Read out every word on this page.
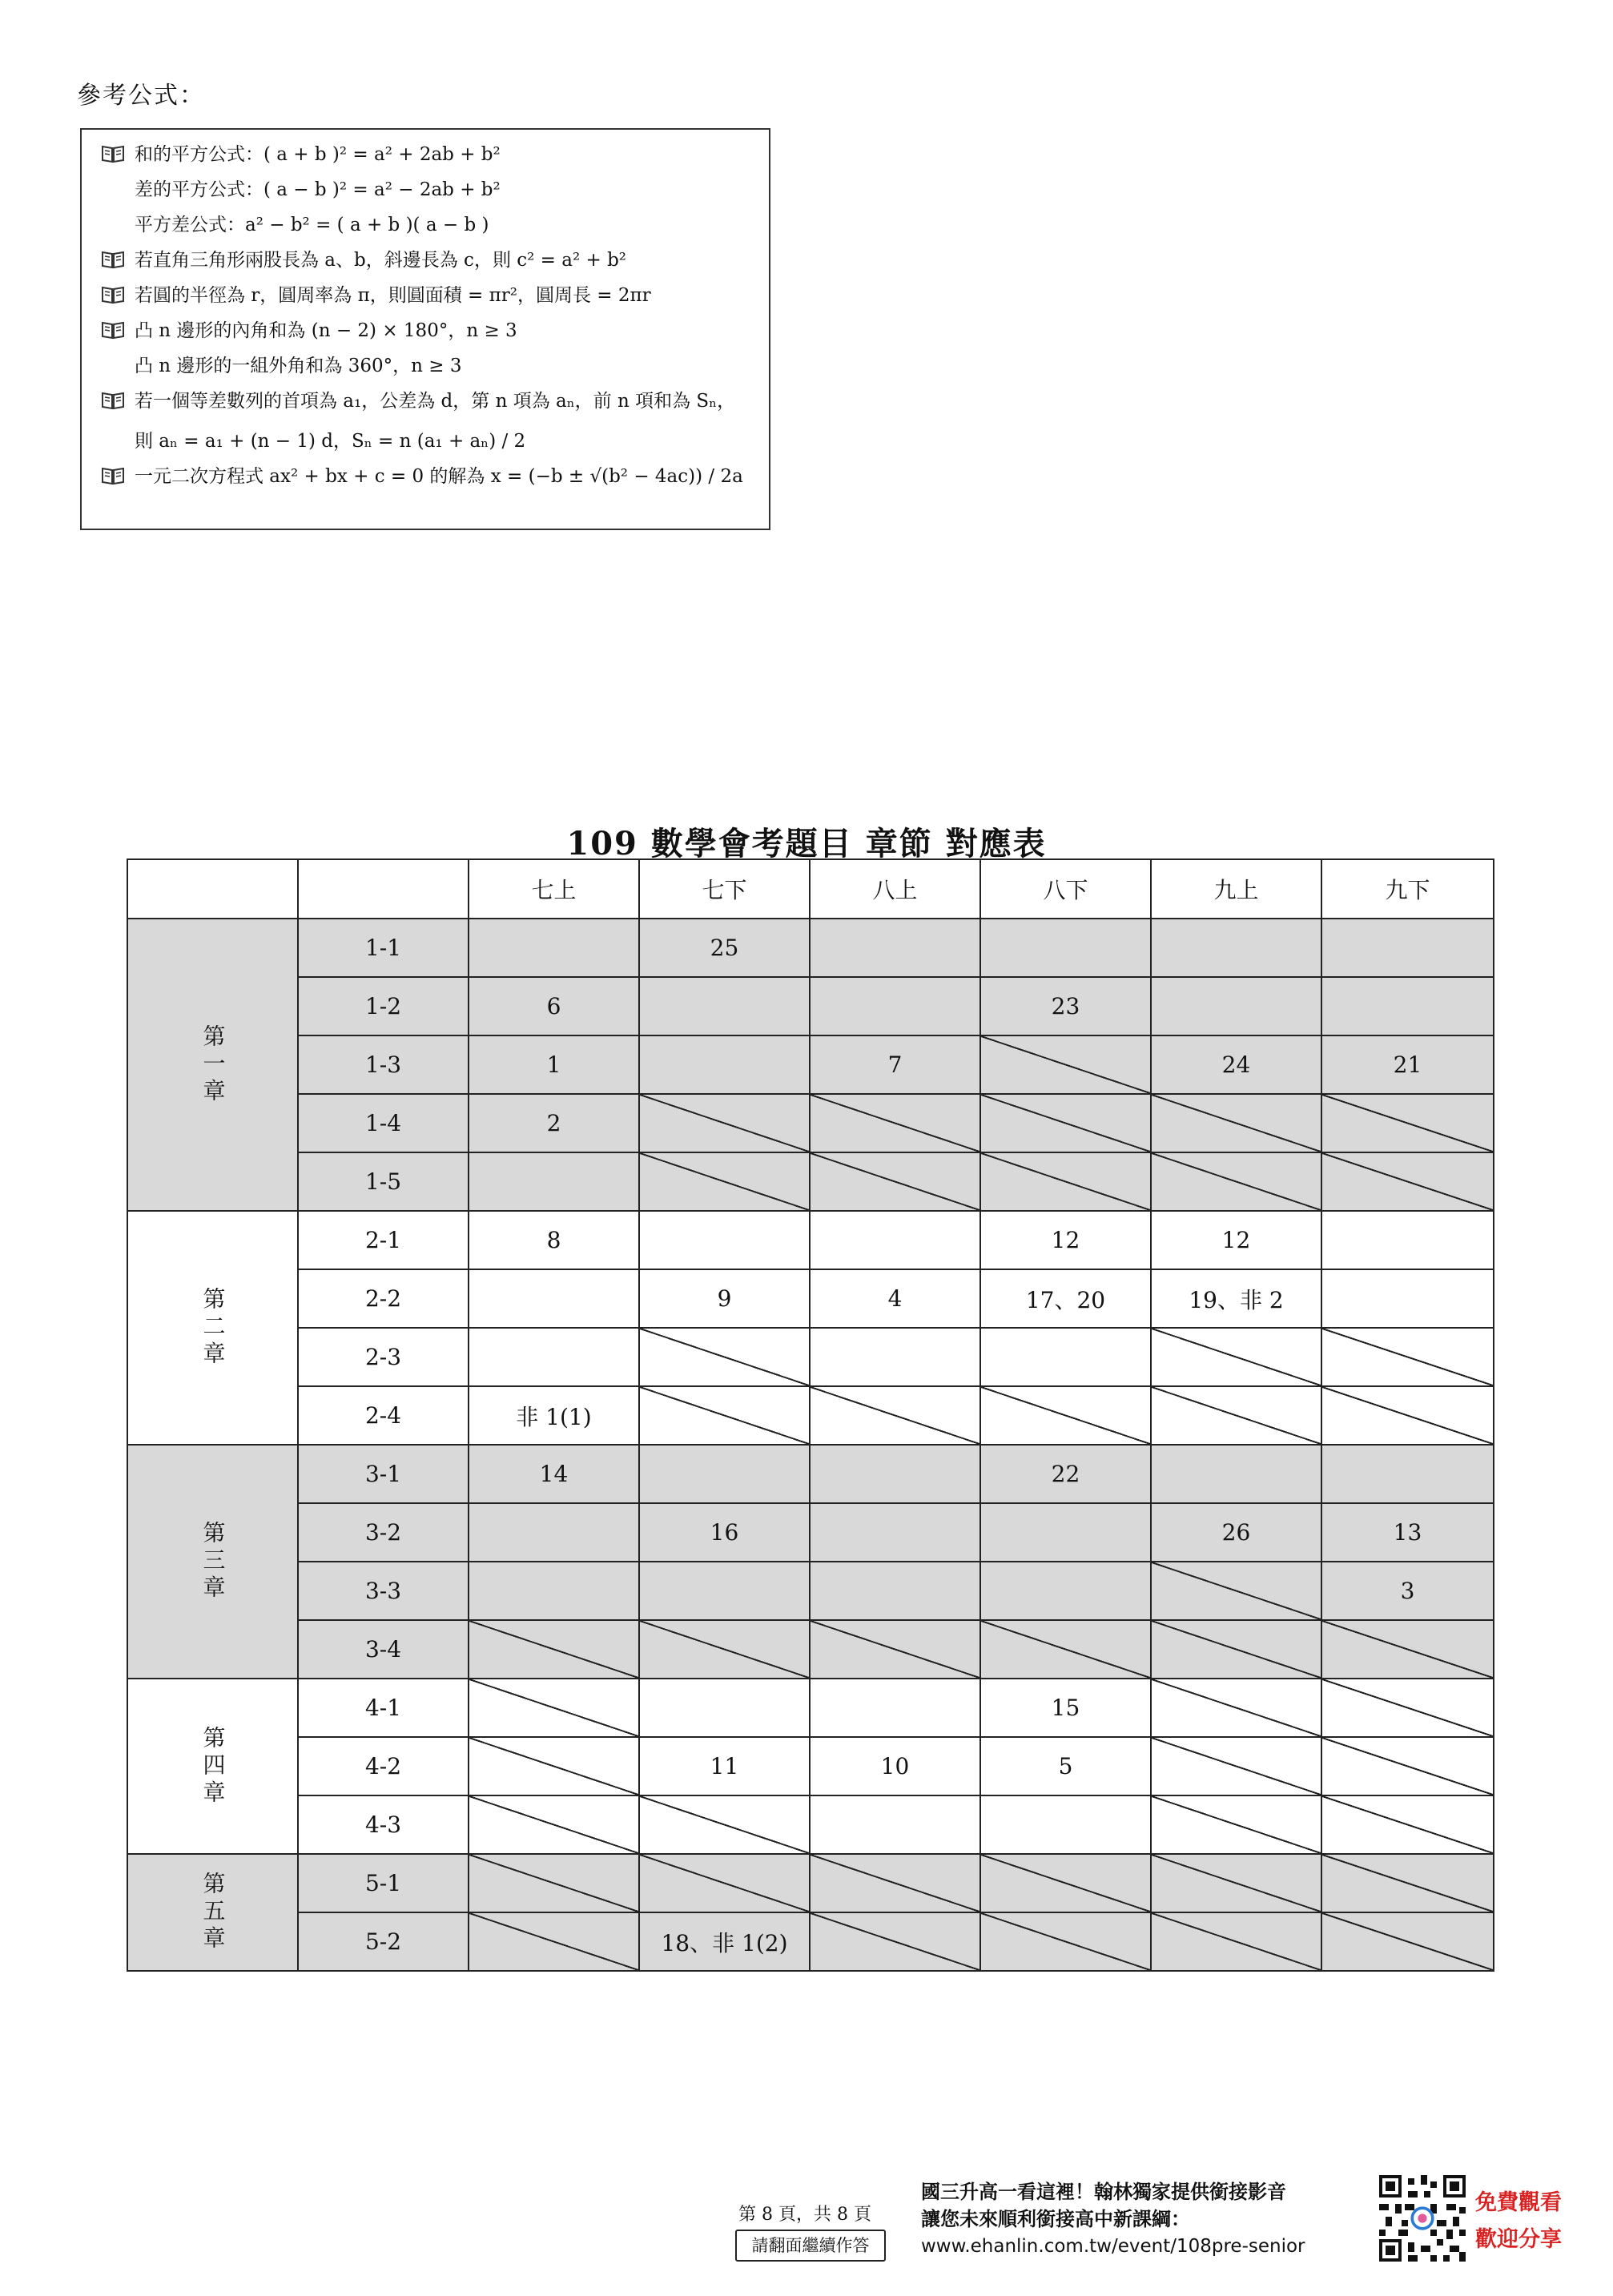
參考公式：
和的平方公式：( a + b )² = a² + 2ab + b²
差的平方公式：( a − b )² = a² − 2ab + b²
平方差公式：a² − b² = ( a + b )( a − b )
若直角三角形兩股長為 a、b，斜邊長為 c，則 c² = a² + b²
若圓的半徑為 r，圓周率為 π，則圓面積 = πr²，圓周長 = 2πr
凸 n 邊形的內角和為 (n − 2) × 180°，n ≥ 3
凸 n 邊形的一組外角和為 360°，n ≥ 3
若一個等差數列的首項為 a₁，公差為 d，第 n 項為 aₙ，前 n 項和為 Sₙ，
則 aₙ = a₁ + (n − 1) d，Sₙ = n (a₁ + aₙ) / 2
一元二次方程式 ax² + bx + c = 0 的解為 x = (−b ± √(b² − 4ac)) / 2a
109 數學會考題目 章節 對應表
		七上	七下	八上	八下	九上	九下
第一章	1-1		25				
	1-2	6			23		
	1-3	1		7		24	21
	1-4	2					
	1-5						
第二章	2-1	8			12	12	
	2-2		9	4	17、20	19、非 2	
	2-3						
	2-4	非 1(1)					
第三章	3-1	14			22		
	3-2		16			26	13
	3-3						3
	3-4						
第四章	4-1				15		
	4-2		11	10	5		
	4-3						
第五章	5-1						
	5-2		18、非 1(2)				
第 8 頁，共 8 頁
請翻面繼續作答
國三升高一看這裡！翰林獨家提供銜接影音
讓您未來順利銜接高中新課綱：
www.ehanlin.com.tw/event/108pre-senior
免費觀看
歡迎分享
